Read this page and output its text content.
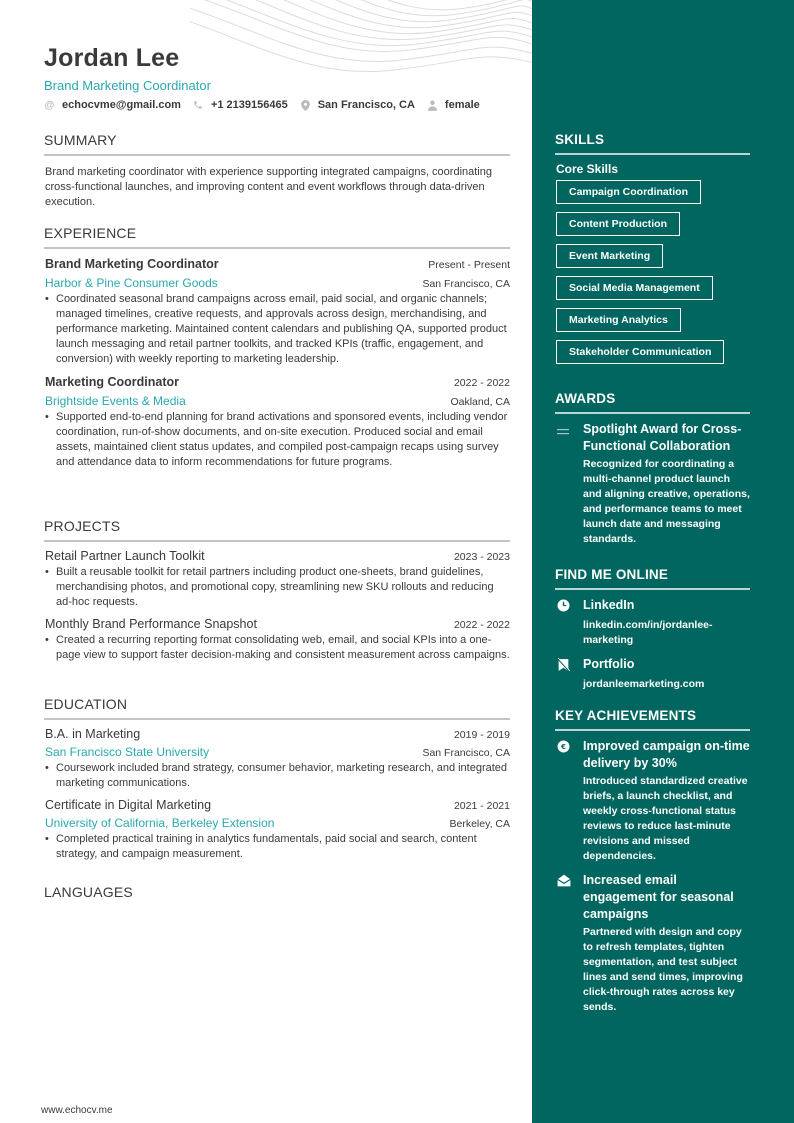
Jordan Lee
Brand Marketing Coordinator
@ echocvme@gmail.com	+1 2139156465	San Francisco, CA	female
SUMMARY
Brand marketing coordinator with experience supporting integrated campaigns, coordinating cross-functional launches, and improving content and event workflows through data-driven execution.
EXPERIENCE
Brand Marketing Coordinator	Present - Present
Harbor & Pine Consumer Goods	San Francisco, CA
• Coordinated seasonal brand campaigns across email, paid social, and organic channels; managed timelines, creative requests, and approvals across design, merchandising, and performance marketing. Maintained content calendars and publishing QA, supported product launch messaging and retail partner toolkits, and tracked KPIs (traffic, engagement, and conversion) with weekly reporting to marketing leadership.
Marketing Coordinator	2022 - 2022
Brightside Events & Media	Oakland, CA
• Supported end-to-end planning for brand activations and sponsored events, including vendor coordination, run-of-show documents, and on-site execution. Produced social and email assets, maintained client status updates, and compiled post-campaign recaps using survey and attendance data to inform recommendations for future programs.
PROJECTS
Retail Partner Launch Toolkit	2023 - 2023
• Built a reusable toolkit for retail partners including product one-sheets, brand guidelines, merchandising photos, and promotional copy, streamlining new SKU rollouts and reducing ad-hoc requests.
Monthly Brand Performance Snapshot	2022 - 2022
• Created a recurring reporting format consolidating web, email, and social KPIs into a one-page view to support faster decision-making and consistent measurement across campaigns.
EDUCATION
B.A. in Marketing	2019 - 2019
San Francisco State University	San Francisco, CA
• Coursework included brand strategy, consumer behavior, marketing research, and integrated marketing communications.
Certificate in Digital Marketing	2021 - 2021
University of California, Berkeley Extension	Berkeley, CA
• Completed practical training in analytics fundamentals, paid social and search, content strategy, and campaign measurement.
LANGUAGES
www.echocv.me
SKILLS
Core Skills
Campaign Coordination
Content Production
Event Marketing
Social Media Management
Marketing Analytics
Stakeholder Communication
AWARDS
Spotlight Award for Cross-Functional Collaboration
Recognized for coordinating a multi-channel product launch and aligning creative, operations, and performance teams to meet launch date and messaging standards.
FIND ME ONLINE
LinkedIn
linkedin.com/in/jordanlee-marketing
Portfolio
jordanleemarketing.com
KEY ACHIEVEMENTS
€ Improved campaign on-time delivery by 30%
Introduced standardized creative briefs, a launch checklist, and weekly cross-functional status reviews to reduce last-minute revisions and missed dependencies.
Increased email engagement for seasonal campaigns
Partnered with design and copy to refresh templates, tighten segmentation, and test subject lines and send times, improving click-through rates across key sends.
